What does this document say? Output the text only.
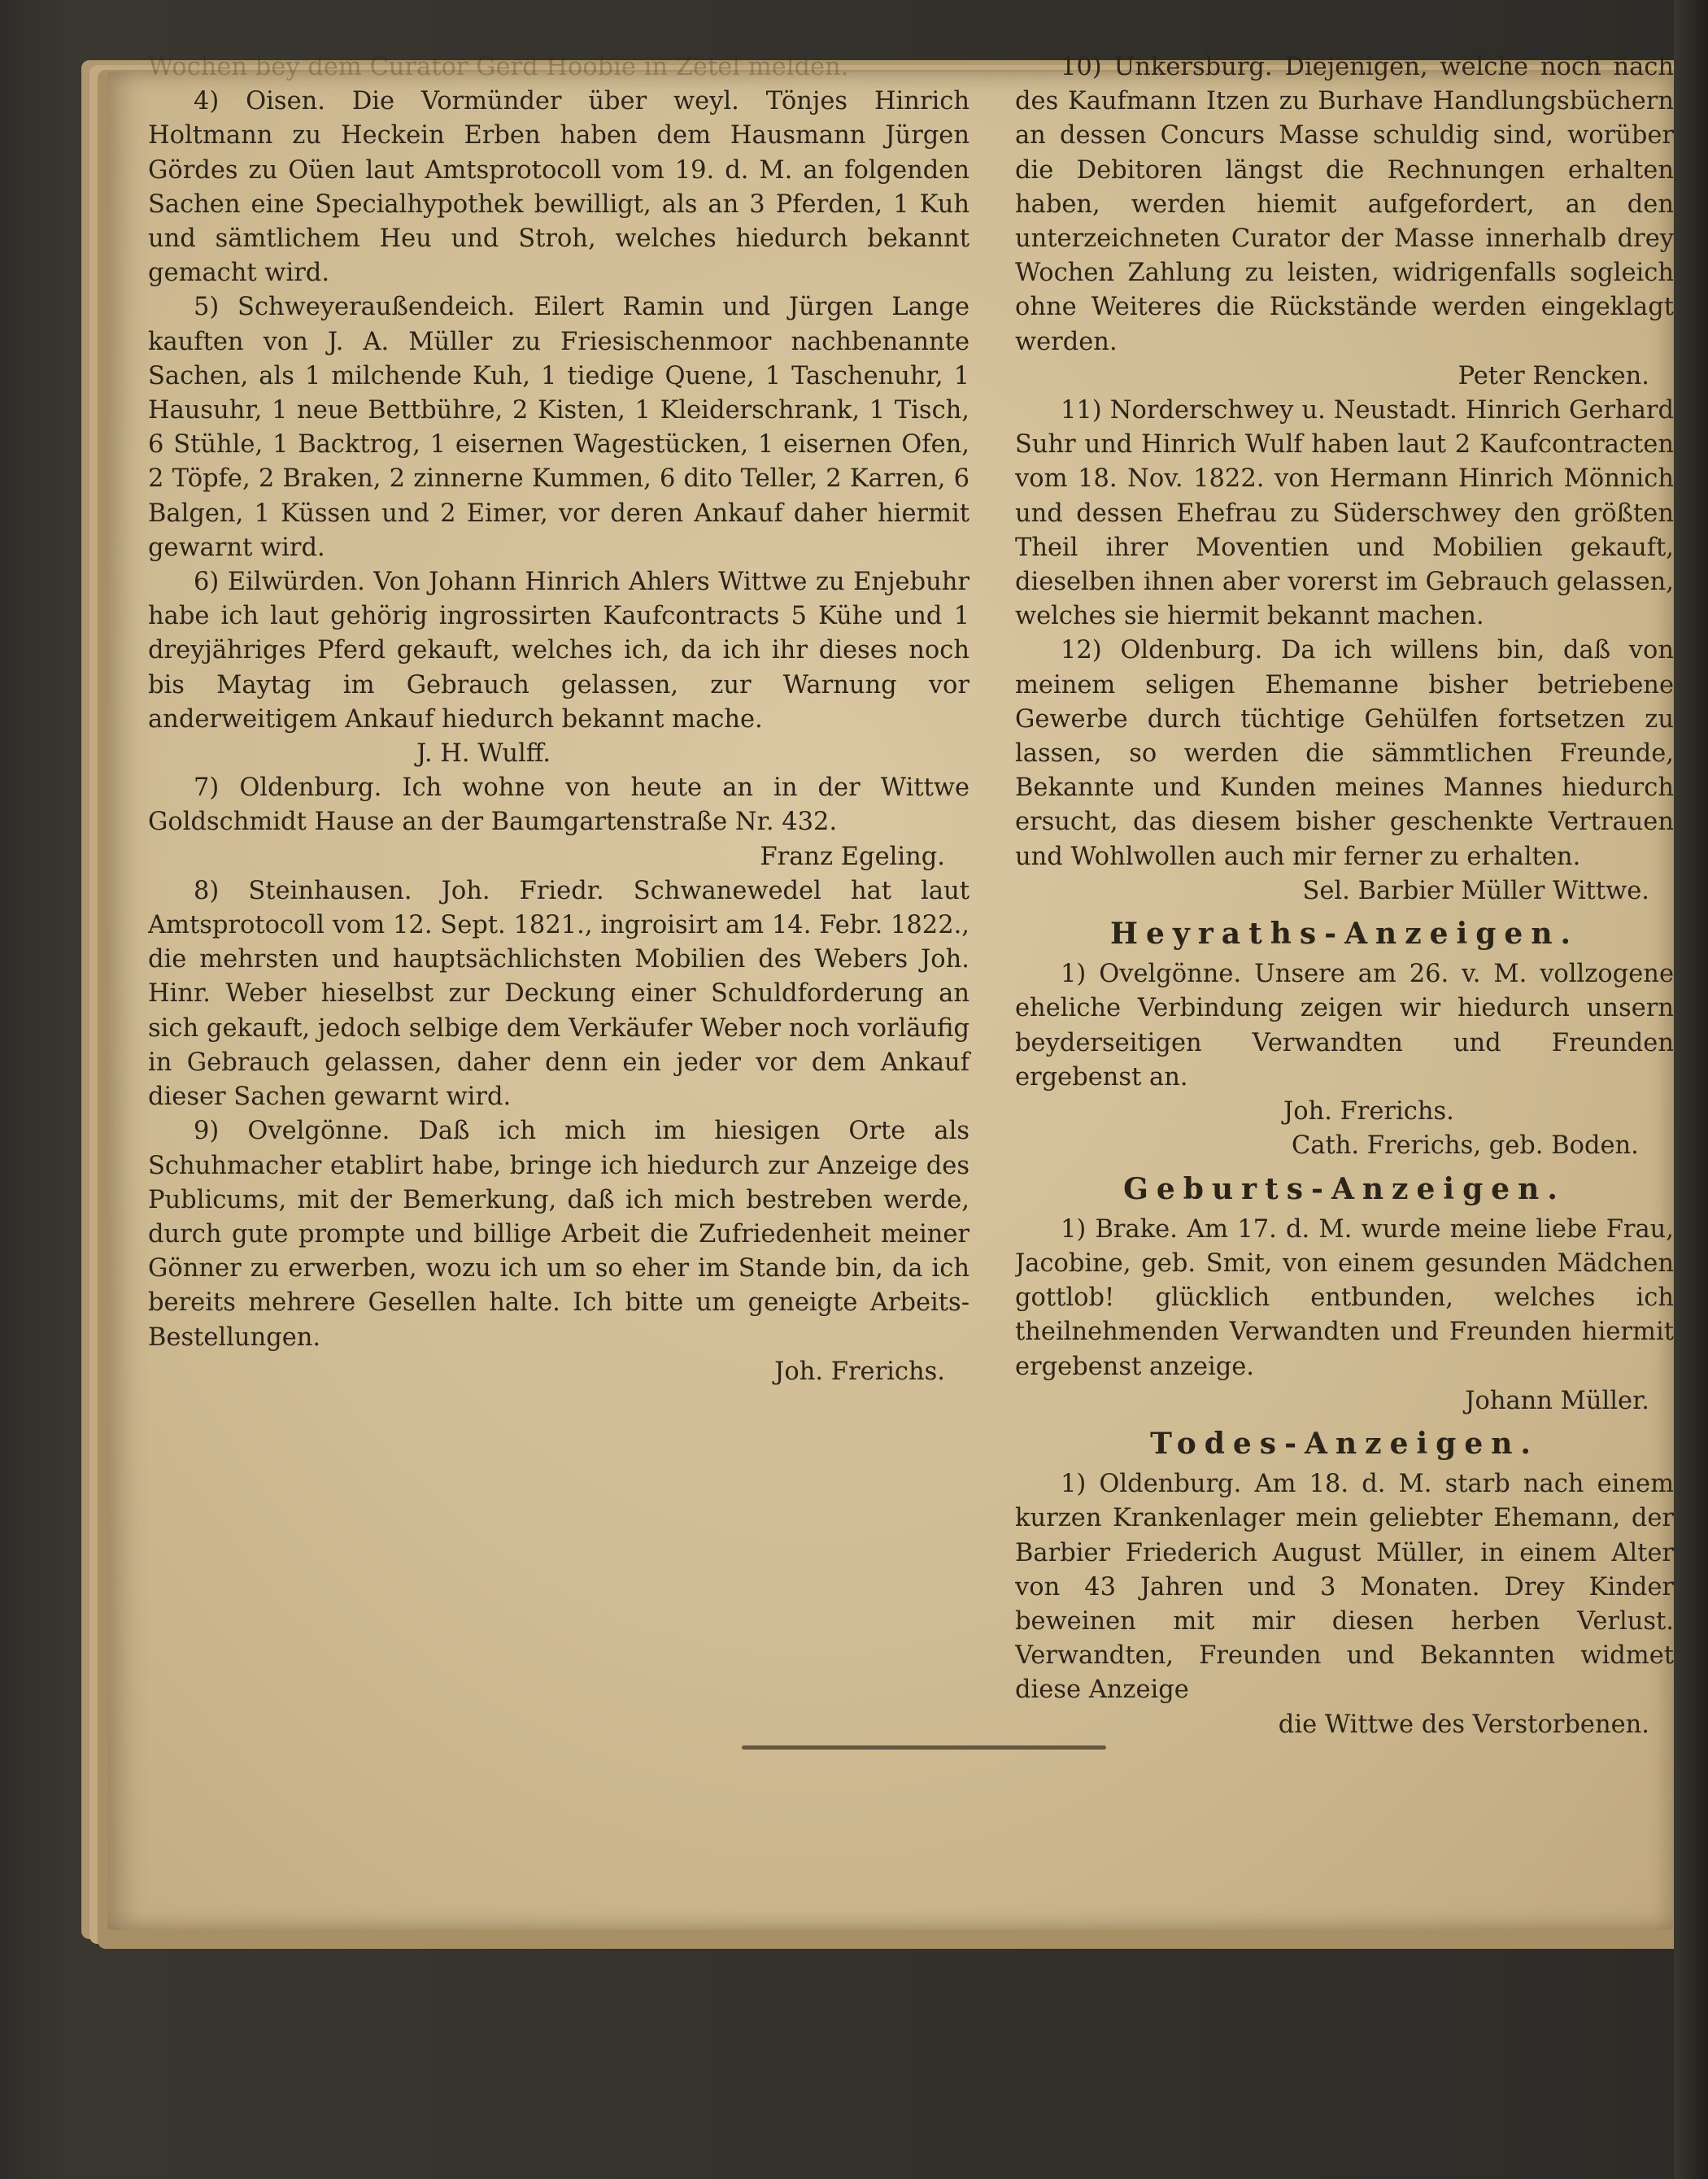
Wochen bey dem Curator Gerd Hoobie in Zetel melden.

4) Oisen. Die Vormünder über weyl. Tönjes Hinrich Holtmann zu Heckein Erben haben dem Hausmann Jürgen Gördes zu Oüen laut Amtsprotocoll vom 19. d. M. an folgenden Sachen eine Specialhypothek bewilligt, als an 3 Pferden, 1 Kuh und sämtlichem Heu und Stroh, welches hiedurch bekannt gemacht wird.

5) Schweyeraußendeich. Eilert Ramin und Jürgen Lange kauften von J. A. Müller zu Friesischenmoor nachbenannte Sachen, als 1 milchende Kuh, 1 tiedige Quene, 1 Taschenuhr, 1 Hausuhr, 1 neue Bettbühre, 2 Kisten, 1 Kleiderschrank, 1 Tisch, 6 Stühle, 1 Backtrog, 1 eisernen Wagestücken, 1 eisernen Ofen, 2 Töpfe, 2 Braken, 2 zinnerne Kummen, 6 dito Teller, 2 Karren, 6 Balgen, 1 Küssen und 2 Eimer, vor deren Ankauf daher hiermit gewarnt wird.

6) Eilwürden. Von Johann Hinrich Ahlers Wittwe zu Enjebuhr habe ich laut gehörig ingrossirten Kaufcontracts 5 Kühe und 1 dreyjähriges Pferd gekauft, welches ich, da ich ihr dieses noch bis Maytag im Gebrauch gelassen, zur Warnung vor anderweitigem Ankauf hiedurch bekannt mache.

J. H. Wulff.

7) Oldenburg. Ich wohne von heute an in der Wittwe Goldschmidt Hause an der Baumgartenstraße Nr. 432.

Franz Egeling.

8) Steinhausen. Joh. Friedr. Schwanewedel hat laut Amtsprotocoll vom 12. Sept. 1821., ingroisirt am 14. Febr. 1822., die mehrsten und hauptsächlichsten Mobilien des Webers Joh. Hinr. Weber hieselbst zur Deckung einer Schuldforderung an sich gekauft, jedoch selbige dem Verkäufer Weber noch vorläufig in Gebrauch gelassen, daher denn ein jeder vor dem Ankauf dieser Sachen gewarnt wird.

9) Ovelgönne. Daß ich mich im hiesigen Orte als Schuhmacher etablirt habe, bringe ich hiedurch zur Anzeige des Publicums, mit der Bemerkung, daß ich mich bestreben werde, durch gute prompte und billige Arbeit die Zufriedenheit meiner Gönner zu erwerben, wozu ich um so eher im Stande bin, da ich bereits mehrere Gesellen halte. Ich bitte um geneigte Arbeits-Bestellungen.

Joh. Frerichs.

10) Unkersburg. Diejenigen, welche noch nach des Kaufmann Itzen zu Burhave Handlungsbüchern an dessen Concurs Masse schuldig sind, worüber die Debitoren längst die Rechnungen erhalten haben, werden hiemit aufgefordert, an den unterzeichneten Curator der Masse innerhalb drey Wochen Zahlung zu leisten, widrigenfalls sogleich ohne Weiteres die Rückstände werden eingeklagt werden.

Peter Rencken.

11) Norderschwey u. Neustadt. Hinrich Gerhard Suhr und Hinrich Wulf haben laut 2 Kaufcontracten vom 18. Nov. 1822. von Hermann Hinrich Mönnich und dessen Ehefrau zu Süderschwey den größten Theil ihrer Moventien und Mobilien gekauft, dieselben ihnen aber vorerst im Gebrauch gelassen, welches sie hiermit bekannt machen.

12) Oldenburg. Da ich willens bin, daß von meinem seligen Ehemanne bisher betriebene Gewerbe durch tüchtige Gehülfen fortsetzen zu lassen, so werden die sämmtlichen Freunde, Bekannte und Kunden meines Mannes hiedurch ersucht, das diesem bisher geschenkte Vertrauen und Wohlwollen auch mir ferner zu erhalten.

Sel. Barbier Müller Wittwe.
Heyraths-Anzeigen.

1) Ovelgönne. Unsere am 26. v. M. vollzogene eheliche Verbindung zeigen wir hiedurch unsern beyderseitigen Verwandten und Freunden ergebenst an.

Joh. Frerichs.
Cath. Frerichs, geb. Boden.
Geburts-Anzeigen.

1) Brake. Am 17. d. M. wurde meine liebe Frau, Jacobine, geb. Smit, von einem gesunden Mädchen gottlob! glücklich entbunden, welches ich theilnehmenden Verwandten und Freunden hiermit ergebenst anzeige.

Johann Müller.
Todes-Anzeigen.

1) Oldenburg. Am 18. d. M. starb nach einem kurzen Krankenlager mein geliebter Ehemann, der Barbier Friederich August Müller, in einem Alter von 43 Jahren und 3 Monaten. Drey Kinder beweinen mit mir diesen herben Verlust. Verwandten, Freunden und Bekannten widmet diese Anzeige

die Wittwe des Verstorbenen.
